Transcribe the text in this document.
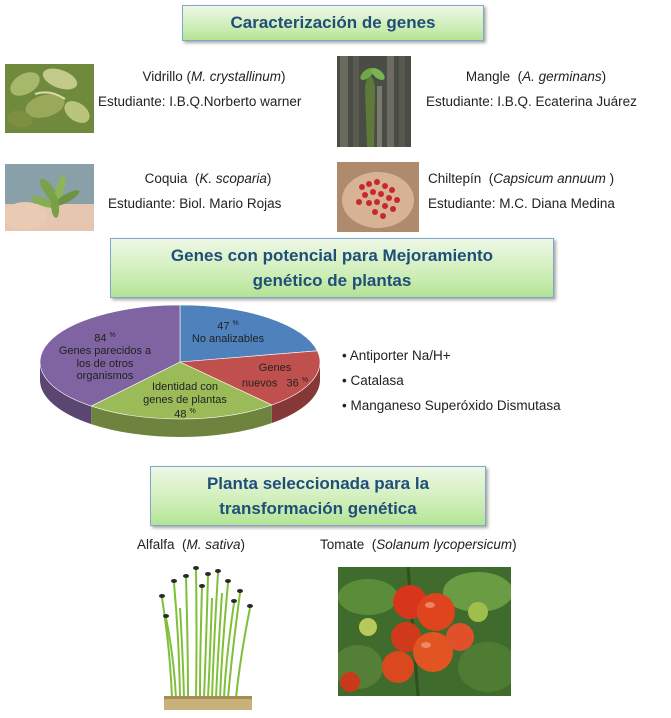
Caracterización de genes
Vidrillo (M. crystallinum)
Estudiante: I.B.Q.Norberto warner
Mangle  (A. germinans)
Estudiante: I.B.Q. Ecaterina Juárez
Coquia  (K. scoparia)
Estudiante: Biol. Mario Rojas
Chiltepín  (Capsicum annuum )
Estudiante: M.C. Diana Medina
Genes con potencial para Mejoramiento
genético de plantas
47 %
No analizables
Genes
nuevos 36 %
Identidad con
genes de plantas
48 %
84 %
Genes parecidos a
los de otros
organismos
• Antiporter Na/H+
• Catalasa
• Manganeso Superóxido Dismutasa
Planta seleccionada para la
transformación genética
Alfalfa  (M. sativa)	Tomate  (Solanum lycopersicum)
